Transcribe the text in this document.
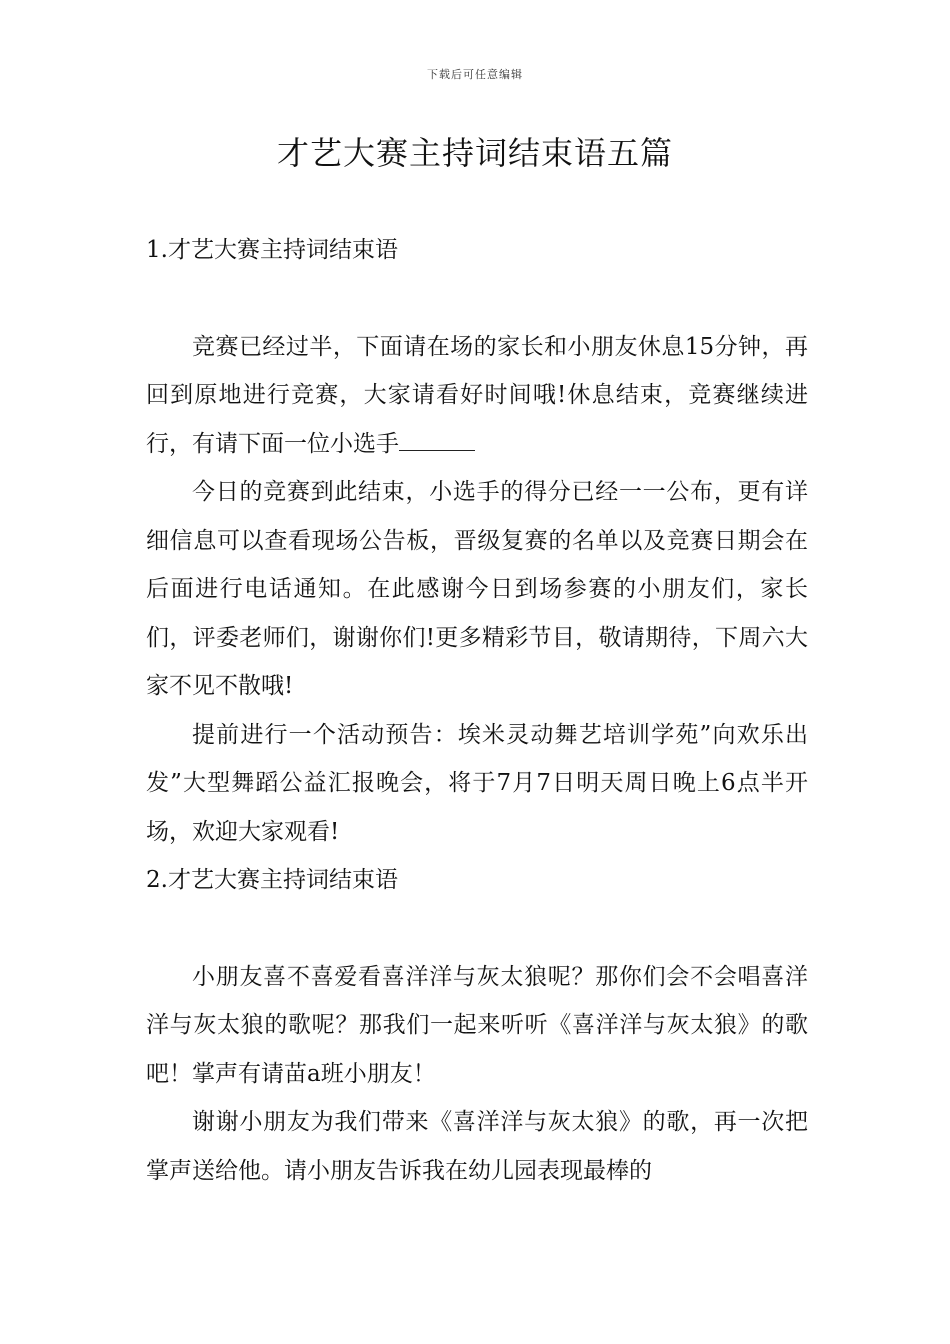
下载后可任意编辑
才艺大赛主持词结束语五篇
1.才艺大赛主持词结束语

竞赛已经过半，下面请在场的家长和小朋友休息15分钟，再回到原地进行竞赛，大家请看好时间哦!休息结束，竞赛继续进行，有请下面一位小选手

今日的竞赛到此结束，小选手的得分已经一一公布，更有详细信息可以查看现场公告板，晋级复赛的名单以及竞赛日期会在后面进行电话通知。在此感谢今日到场参赛的小朋友们，家长们，评委老师们，谢谢你们!更多精彩节目，敬请期待，下周六大家不见不散哦!

提前进行一个活动预告：埃米灵动舞艺培训学苑”向欢乐出发”大型舞蹈公益汇报晚会，将于7月7日明天周日晚上6点半开场，欢迎大家观看!

2.才艺大赛主持词结束语

小朋友喜不喜爱看喜洋洋与灰太狼呢？那你们会不会唱喜洋洋与灰太狼的歌呢？那我们一起来听听《喜洋洋与灰太狼》的歌吧！掌声有请苗a班小朋友！

谢谢小朋友为我们带来《喜洋洋与灰太狼》的歌，再一次把掌声送给他。请小朋友告诉我在幼儿园表现最棒的
